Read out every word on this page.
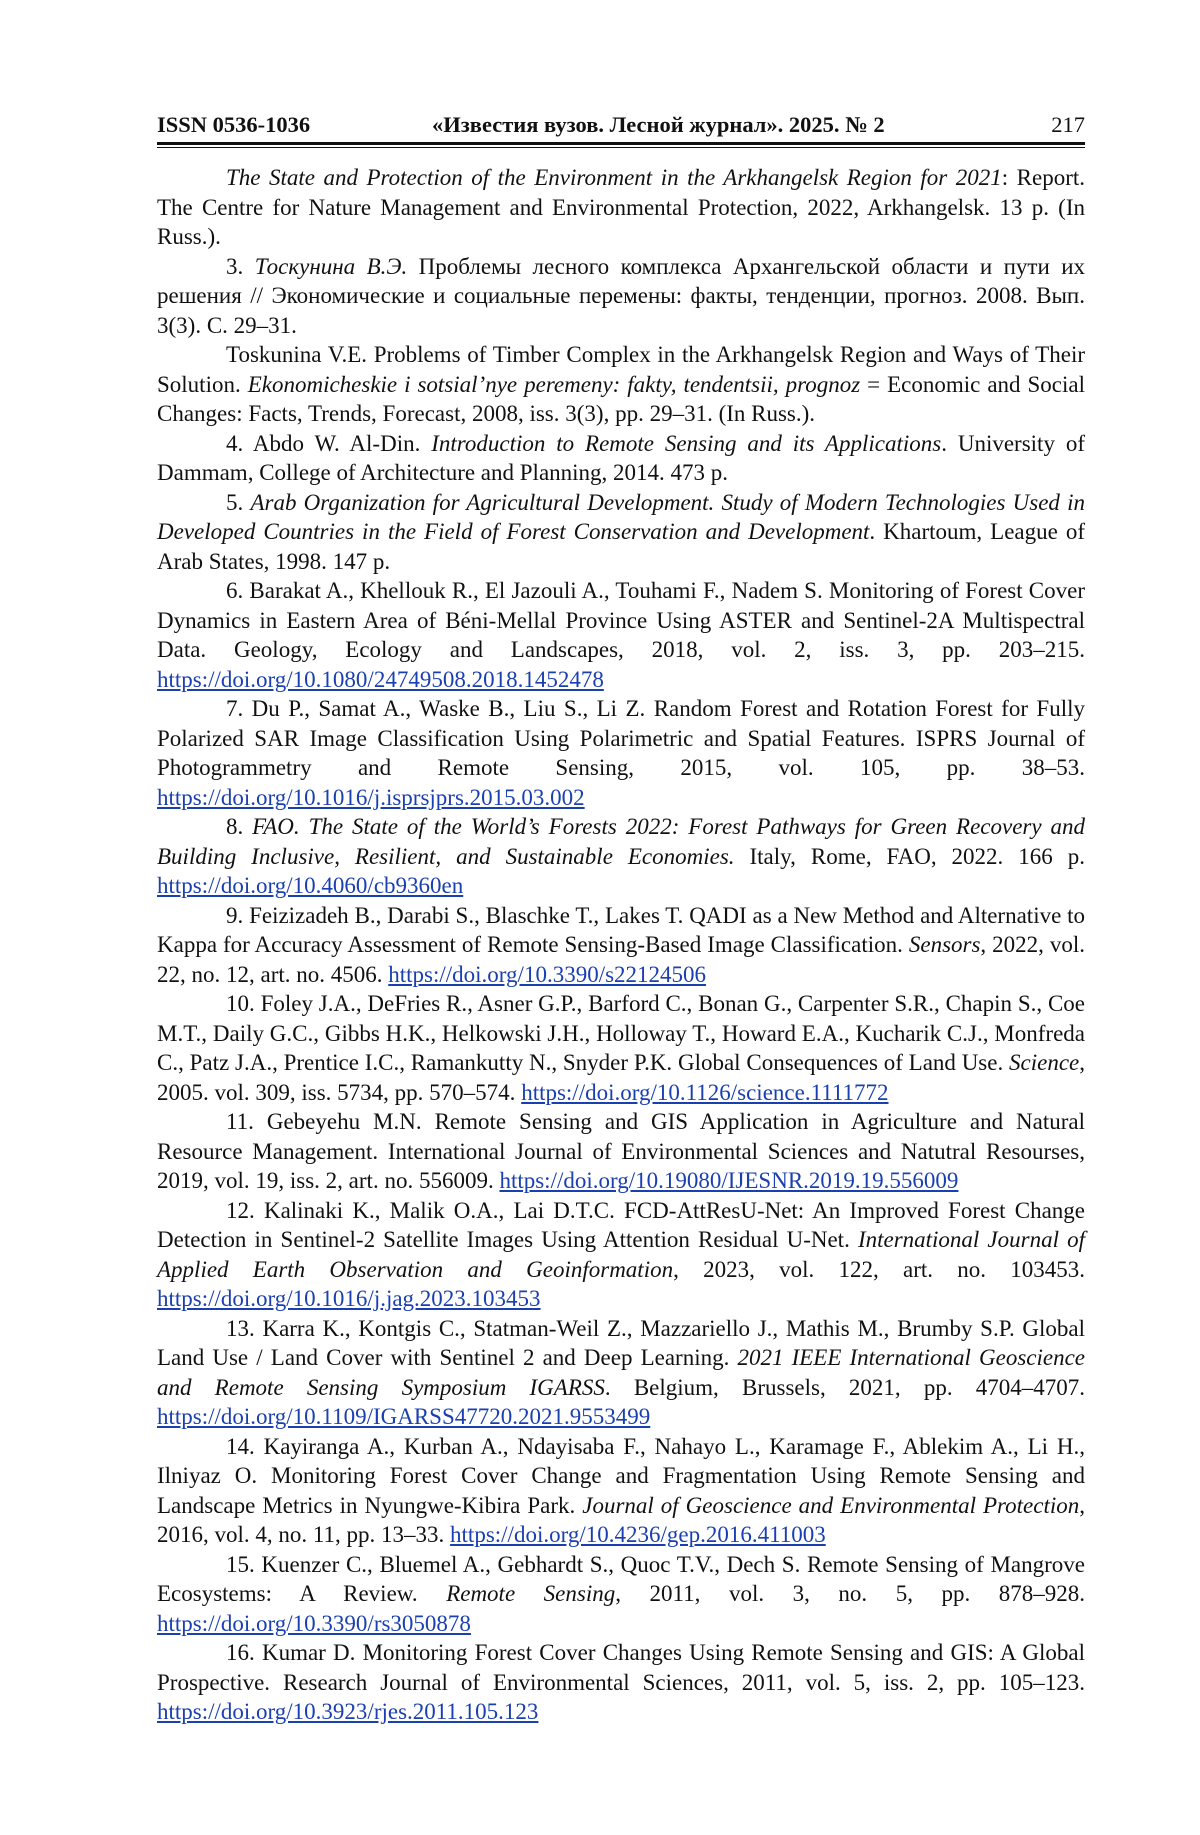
ISSN 0536-1036	«Известия вузов. Лесной журнал». 2025. № 2	217

The State and Protection of the Environment in the Arkhangelsk Region for 2021: Report. The Centre for Nature Management and Environmental Protection, 2022, Arkhangelsk. 13 p. (In Russ.).

3. Тоскунина В.Э. Проблемы лесного комплекса Архангельской области и пути их решения // Экономические и социальные перемены: факты, тенденции, прогноз. 2008. Вып. 3(3). С. 29–31.

Toskunina V.E. Problems of Timber Complex in the Arkhangelsk Region and Ways of Their Solution. Ekonomicheskie i sotsial’nye peremeny: fakty, tendentsii, prognoz = Economic and Social Changes: Facts, Trends, Forecast, 2008, iss. 3(3), pp. 29–31. (In Russ.).

4. Abdo W. Al-Din. Introduction to Remote Sensing and its Applications. University of Dammam, College of Architecture and Planning, 2014. 473 p.

5. Arab Organization for Agricultural Development. Study of Modern Technologies Used in Developed Countries in the Field of Forest Conservation and Development. Khartoum, League of Arab States, 1998. 147 p.

6. Barakat A., Khellouk R., El Jazouli A., Touhami F., Nadem S. Monitoring of Forest Cover Dynamics in Eastern Area of Béni-Mellal Province Using ASTER and Sentinel-2A Multispectral Data. Geology, Ecology and Landscapes, 2018, vol. 2, iss. 3, pp. 203–215. https://doi.org/10.1080/24749508.2018.1452478

7. Du P., Samat A., Waske B., Liu S., Li Z. Random Forest and Rotation Forest for Fully Polarized SAR Image Classification Using Polarimetric and Spatial Features. ISPRS Journal of Photogrammetry and Remote Sensing, 2015, vol. 105, pp. 38–53. https://doi.org/10.1016/j.isprsjprs.2015.03.002

8. FAO. The State of the World’s Forests 2022: Forest Pathways for Green Recovery and Building Inclusive, Resilient, and Sustainable Economies. Italy, Rome, FAO, 2022. 166 p. https://doi.org/10.4060/cb9360en

9. Feizizadeh B., Darabi S., Blaschke T., Lakes T. QADI as a New Method and Alternative to Kappa for Accuracy Assessment of Remote Sensing-Based Image Classification. Sensors, 2022, vol. 22, no. 12, art. no. 4506. https://doi.org/10.3390/s22124506

10. Foley J.A., DeFries R., Asner G.P., Barford C., Bonan G., Carpenter S.R., Chapin S., Coe M.T., Daily G.C., Gibbs H.K., Helkowski J.H., Holloway T., Howard E.A., Kucharik C.J., Monfreda C., Patz J.A., Prentice I.C., Ramankutty N., Snyder P.K. Global Consequences of Land Use. Science, 2005. vol. 309, iss. 5734, pp. 570–574. https://doi.org/10.1126/science.1111772

11. Gebeyehu M.N. Remote Sensing and GIS Application in Agriculture and Natural Resource Management. International Journal of Environmental Sciences and Natutral Resourses, 2019, vol. 19, iss. 2, art. no. 556009. https://doi.org/10.19080/IJESNR.2019.19.556009

12. Kalinaki K., Malik O.A., Lai D.T.C. FCD-AttResU-Net: An Improved Forest Change Detection in Sentinel-2 Satellite Images Using Attention Residual U-Net. International Journal of Applied Earth Observation and Geoinformation, 2023, vol. 122, art. no. 103453. https://doi.org/10.1016/j.jag.2023.103453

13. Karra K., Kontgis C., Statman-Weil Z., Mazzariello J., Mathis M., Brumby S.P. Global Land Use / Land Cover with Sentinel 2 and Deep Learning. 2021 IEEE International Geoscience and Remote Sensing Symposium IGARSS. Belgium, Brussels, 2021, pp. 4704–4707. https://doi.org/10.1109/IGARSS47720.2021.9553499

14. Kayiranga A., Kurban A., Ndayisaba F., Nahayo L., Karamage F., Ablekim A., Li H., Ilniyaz O. Monitoring Forest Cover Change and Fragmentation Using Remote Sensing and Landscape Metrics in Nyungwe-Kibira Park. Journal of Geoscience and Environmental Protection, 2016, vol. 4, no. 11, pp. 13–33. https://doi.org/10.4236/gep.2016.411003

15. Kuenzer C., Bluemel A., Gebhardt S., Quoc T.V., Dech S. Remote Sensing of Mangrove Ecosystems: A Review. Remote Sensing, 2011, vol. 3, no. 5, pp. 878–928. https://doi.org/10.3390/rs3050878

16. Kumar D. Monitoring Forest Cover Changes Using Remote Sensing and GIS: A Global Prospective. Research Journal of Environmental Sciences, 2011, vol. 5, iss. 2, pp. 105–123. https://doi.org/10.3923/rjes.2011.105.123
